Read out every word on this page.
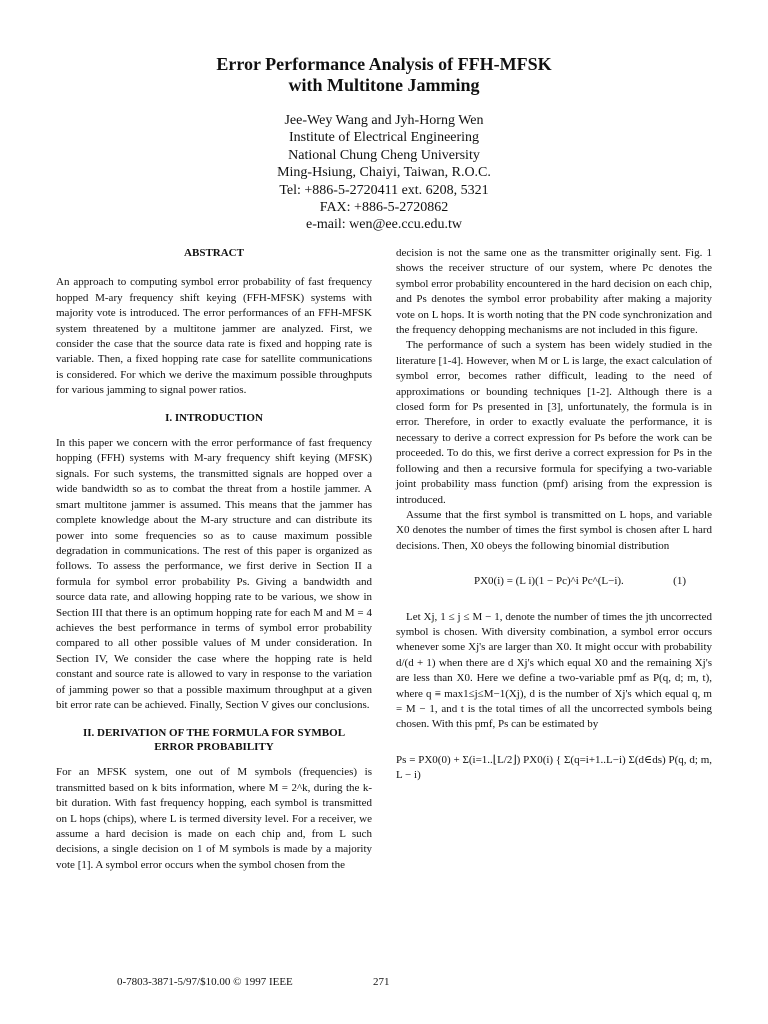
Error Performance Analysis of FFH-MFSK
with Multitone Jamming
Jee-Wey Wang and Jyh-Horng Wen
Institute of Electrical Engineering
National Chung Cheng University
Ming-Hsiung, Chaiyi, Taiwan, R.O.C.
Tel: +886-5-2720411 ext. 6208, 5321
FAX: +886-5-2720862
e-mail: wen@ee.ccu.edu.tw

ABSTRACT

An approach to computing symbol error probability of fast frequency hopped M-ary frequency shift keying (FFH-MFSK) systems with majority vote is introduced. The error performances of an FFH-MFSK system threatened by a multitone jammer are analyzed. First, we consider the case that the source data rate is fixed and hopping rate is variable. Then, a fixed hopping rate case for satellite communications is considered. For which we derive the maximum possible throughputs for various jamming to signal power ratios.

I. INTRODUCTION

In this paper we concern with the error performance of fast frequency hopping (FFH) systems with M-ary frequency shift keying (MFSK) signals. For such systems, the transmitted signals are hopped over a wide bandwidth so as to combat the threat from a hostile jammer. A smart multitone jammer is assumed. This means that the jammer has complete knowledge about the M-ary structure and can distribute its power into some frequencies so as to cause maximum possible degradation in communications. The rest of this paper is organized as follows. To assess the performance, we first derive in Section II a formula for symbol error probability Ps. Giving a bandwidth and source data rate, and allowing hopping rate to be various, we show in Section III that there is an optimum hopping rate for each M and M = 4 achieves the best performance in terms of symbol error probability compared to all other possible values of M under consideration. In Section IV, We consider the case where the hopping rate is held constant and source rate is allowed to vary in response to the variation of jamming power so that a possible maximum throughput at a given bit error rate can be achieved. Finally, Section V gives our conclusions.

II. DERIVATION OF THE FORMULA FOR SYMBOL
ERROR PROBABILITY

For an MFSK system, one out of M symbols (frequencies) is transmitted based on k bits information, where M = 2^k, during the k-bit duration. With fast frequency hopping, each symbol is transmitted on L hops (chips), where L is termed diversity level. For a receiver, we assume a hard decision is made on each chip and, from L such decisions, a single decision on 1 of M symbols is made by a majority vote [1]. A symbol error occurs when the symbol chosen from the

decision is not the same one as the transmitter originally sent. Fig. 1 shows the receiver structure of our system, where Pc denotes the symbol error probability encountered in the hard decision on each chip, and Ps denotes the symbol error probability after making a majority vote on L hops. It is worth noting that the PN code synchronization and the frequency dehopping mechanisms are not included in this figure.

The performance of such a system has been widely studied in the literature [1-4]. However, when M or L is large, the exact calculation of symbol error, becomes rather difficult, leading to the need of approximations or bounding techniques [1-2]. Although there is a closed form for Ps presented in [3], unfortunately, the formula is in error. Therefore, in order to exactly evaluate the performance, it is necessary to derive a correct expression for Ps before the work can be proceeded. To do this, we first derive a correct expression for Ps in the following and then a recursive formula for specifying a two-variable joint probability mass function (pmf) arising from the expression is introduced.

Assume that the first symbol is transmitted on L hops, and variable X0 denotes the number of times the first symbol is chosen after L hard decisions. Then, X0 obeys the following binomial distribution

PX0(i) = (L i)(1 − Pc)^i Pc^(L−i).	(1)

Let Xj, 1 ≤ j ≤ M − 1, denote the number of times the jth uncorrected symbol is chosen. With diversity combination, a symbol error occurs whenever some Xj's are larger than X0. It might occur with probability d/(d + 1) when there are d Xj's which equal X0 and the remaining Xj's are less than X0. Here we define a two-variable pmf as P(q, d; m, t), where q ≡ max1≤j≤M−1(Xj), d is the number of Xj's which equal q, m = M − 1, and t is the total times of all the uncorrected symbols being chosen. With this pmf, Ps can be estimated by

Ps = PX0(0) + Σ(i=1..⌊L/2⌋) PX0(i) { Σ(q=i+1..L−i) Σ(d∈ds) P(q, d; m, L − i)
0-7803-3871-5/97/$10.00 © 1997 IEEE	271
